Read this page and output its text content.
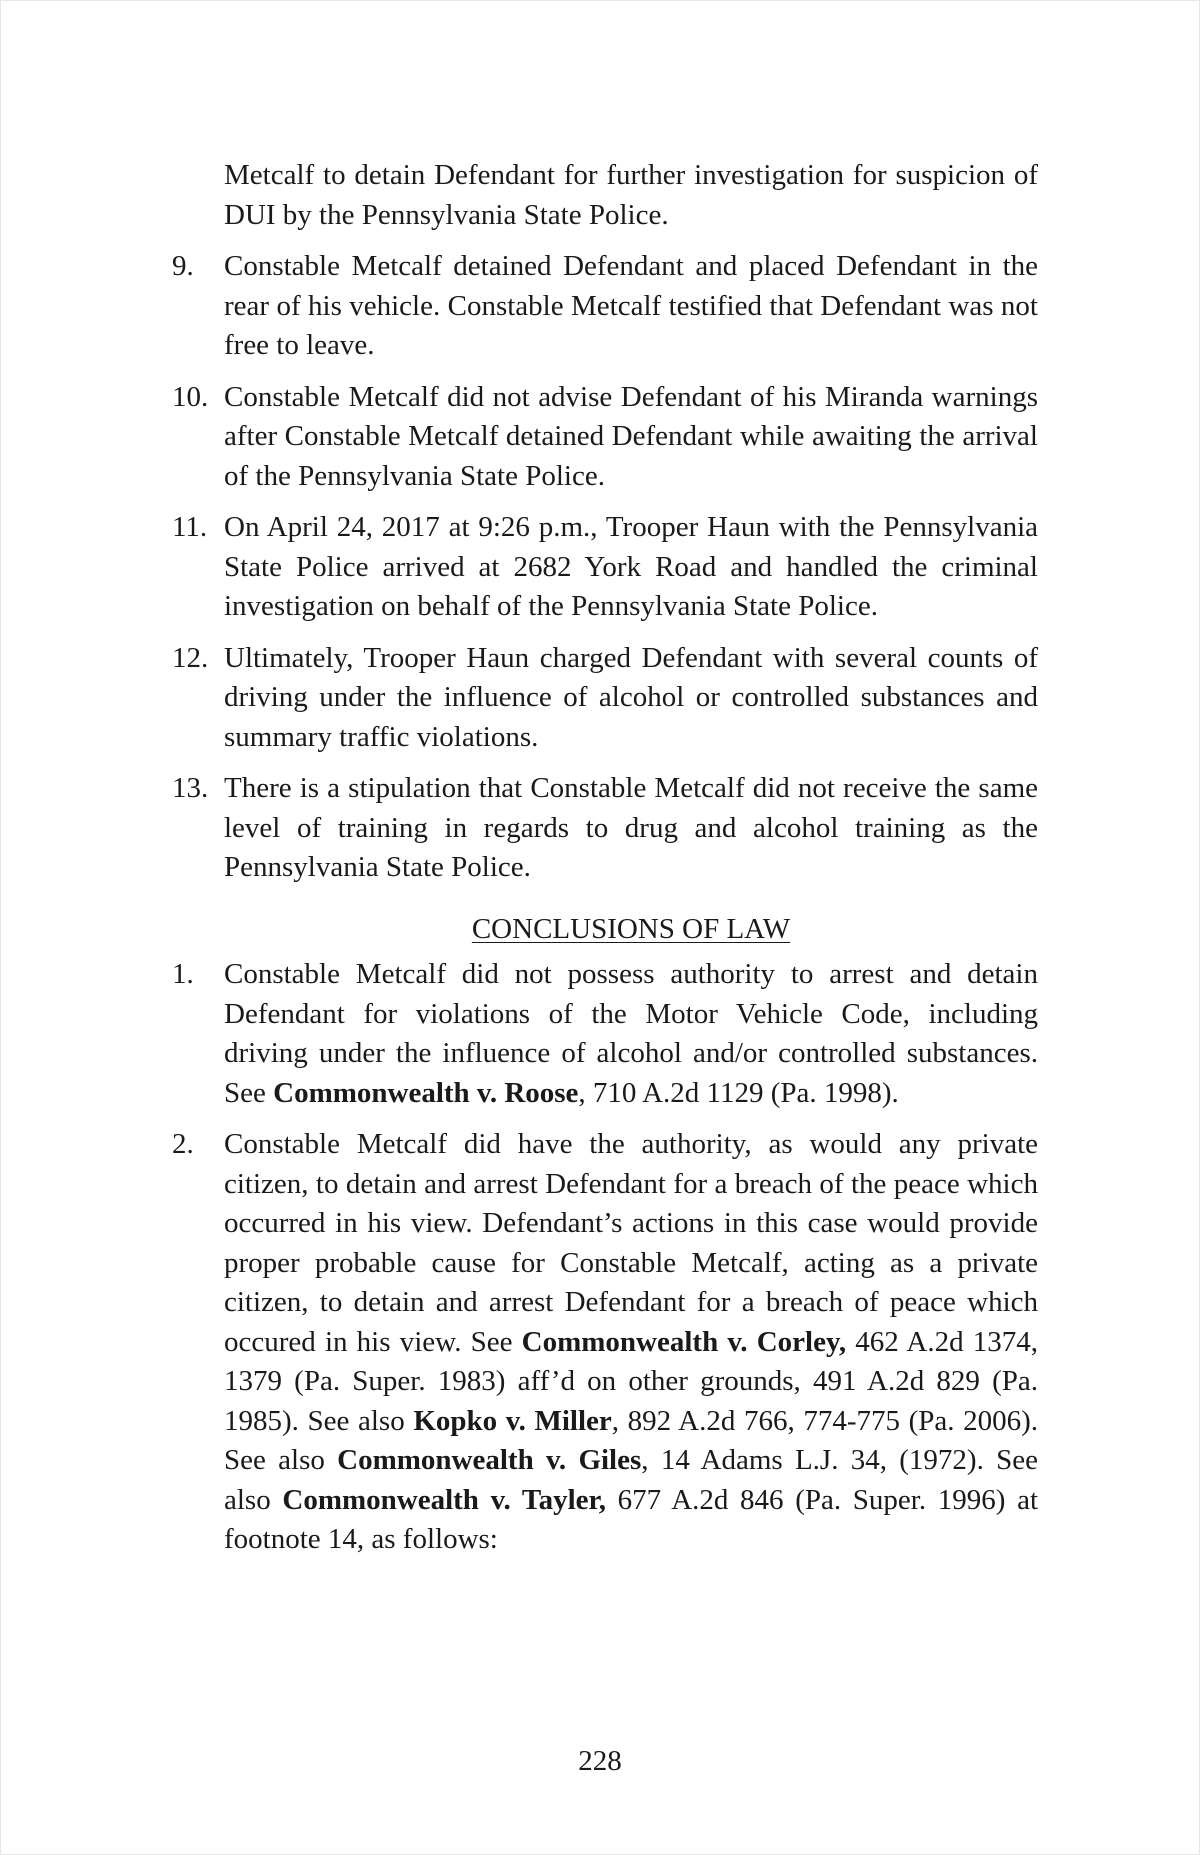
Metcalf to detain Defendant for further investigation for suspicion of DUI by the Pennsylvania State Police.

9. Constable Metcalf detained Defendant and placed Defendant in the rear of his vehicle. Constable Metcalf testified that Defendant was not free to leave.

10. Constable Metcalf did not advise Defendant of his Miranda warnings after Constable Metcalf detained Defendant while awaiting the arrival of the Pennsylvania State Police.

11. On April 24, 2017 at 9:26 p.m., Trooper Haun with the Pennsylvania State Police arrived at 2682 York Road and handled the criminal investigation on behalf of the Pennsylvania State Police.

12. Ultimately, Trooper Haun charged Defendant with several counts of driving under the influence of alcohol or controlled substances and summary traffic violations.

13. There is a stipulation that Constable Metcalf did not receive the same level of training in regards to drug and alcohol training as the Pennsylvania State Police.

CONCLUSIONS OF LAW

1. Constable Metcalf did not possess authority to arrest and detain Defendant for violations of the Motor Vehicle Code, including driving under the influence of alcohol and/or controlled substances. See Commonwealth v. Roose, 710 A.2d 1129 (Pa. 1998).

2. Constable Metcalf did have the authority, as would any private citizen, to detain and arrest Defendant for a breach of the peace which occurred in his view. Defendant’s actions in this case would provide proper probable cause for Constable Metcalf, acting as a private citizen, to detain and arrest Defendant for a breach of peace which occured in his view. See Commonwealth v. Corley, 462 A.2d 1374, 1379 (Pa. Super. 1983) aff’d on other grounds, 491 A.2d 829 (Pa. 1985). See also Kopko v. Miller, 892 A.2d 766, 774-775 (Pa. 2006). See also Commonwealth v. Giles, 14 Adams L.J. 34, (1972). See also Commonwealth v. Tayler, 677 A.2d 846 (Pa. Super. 1996) at footnote 14, as follows:

228
